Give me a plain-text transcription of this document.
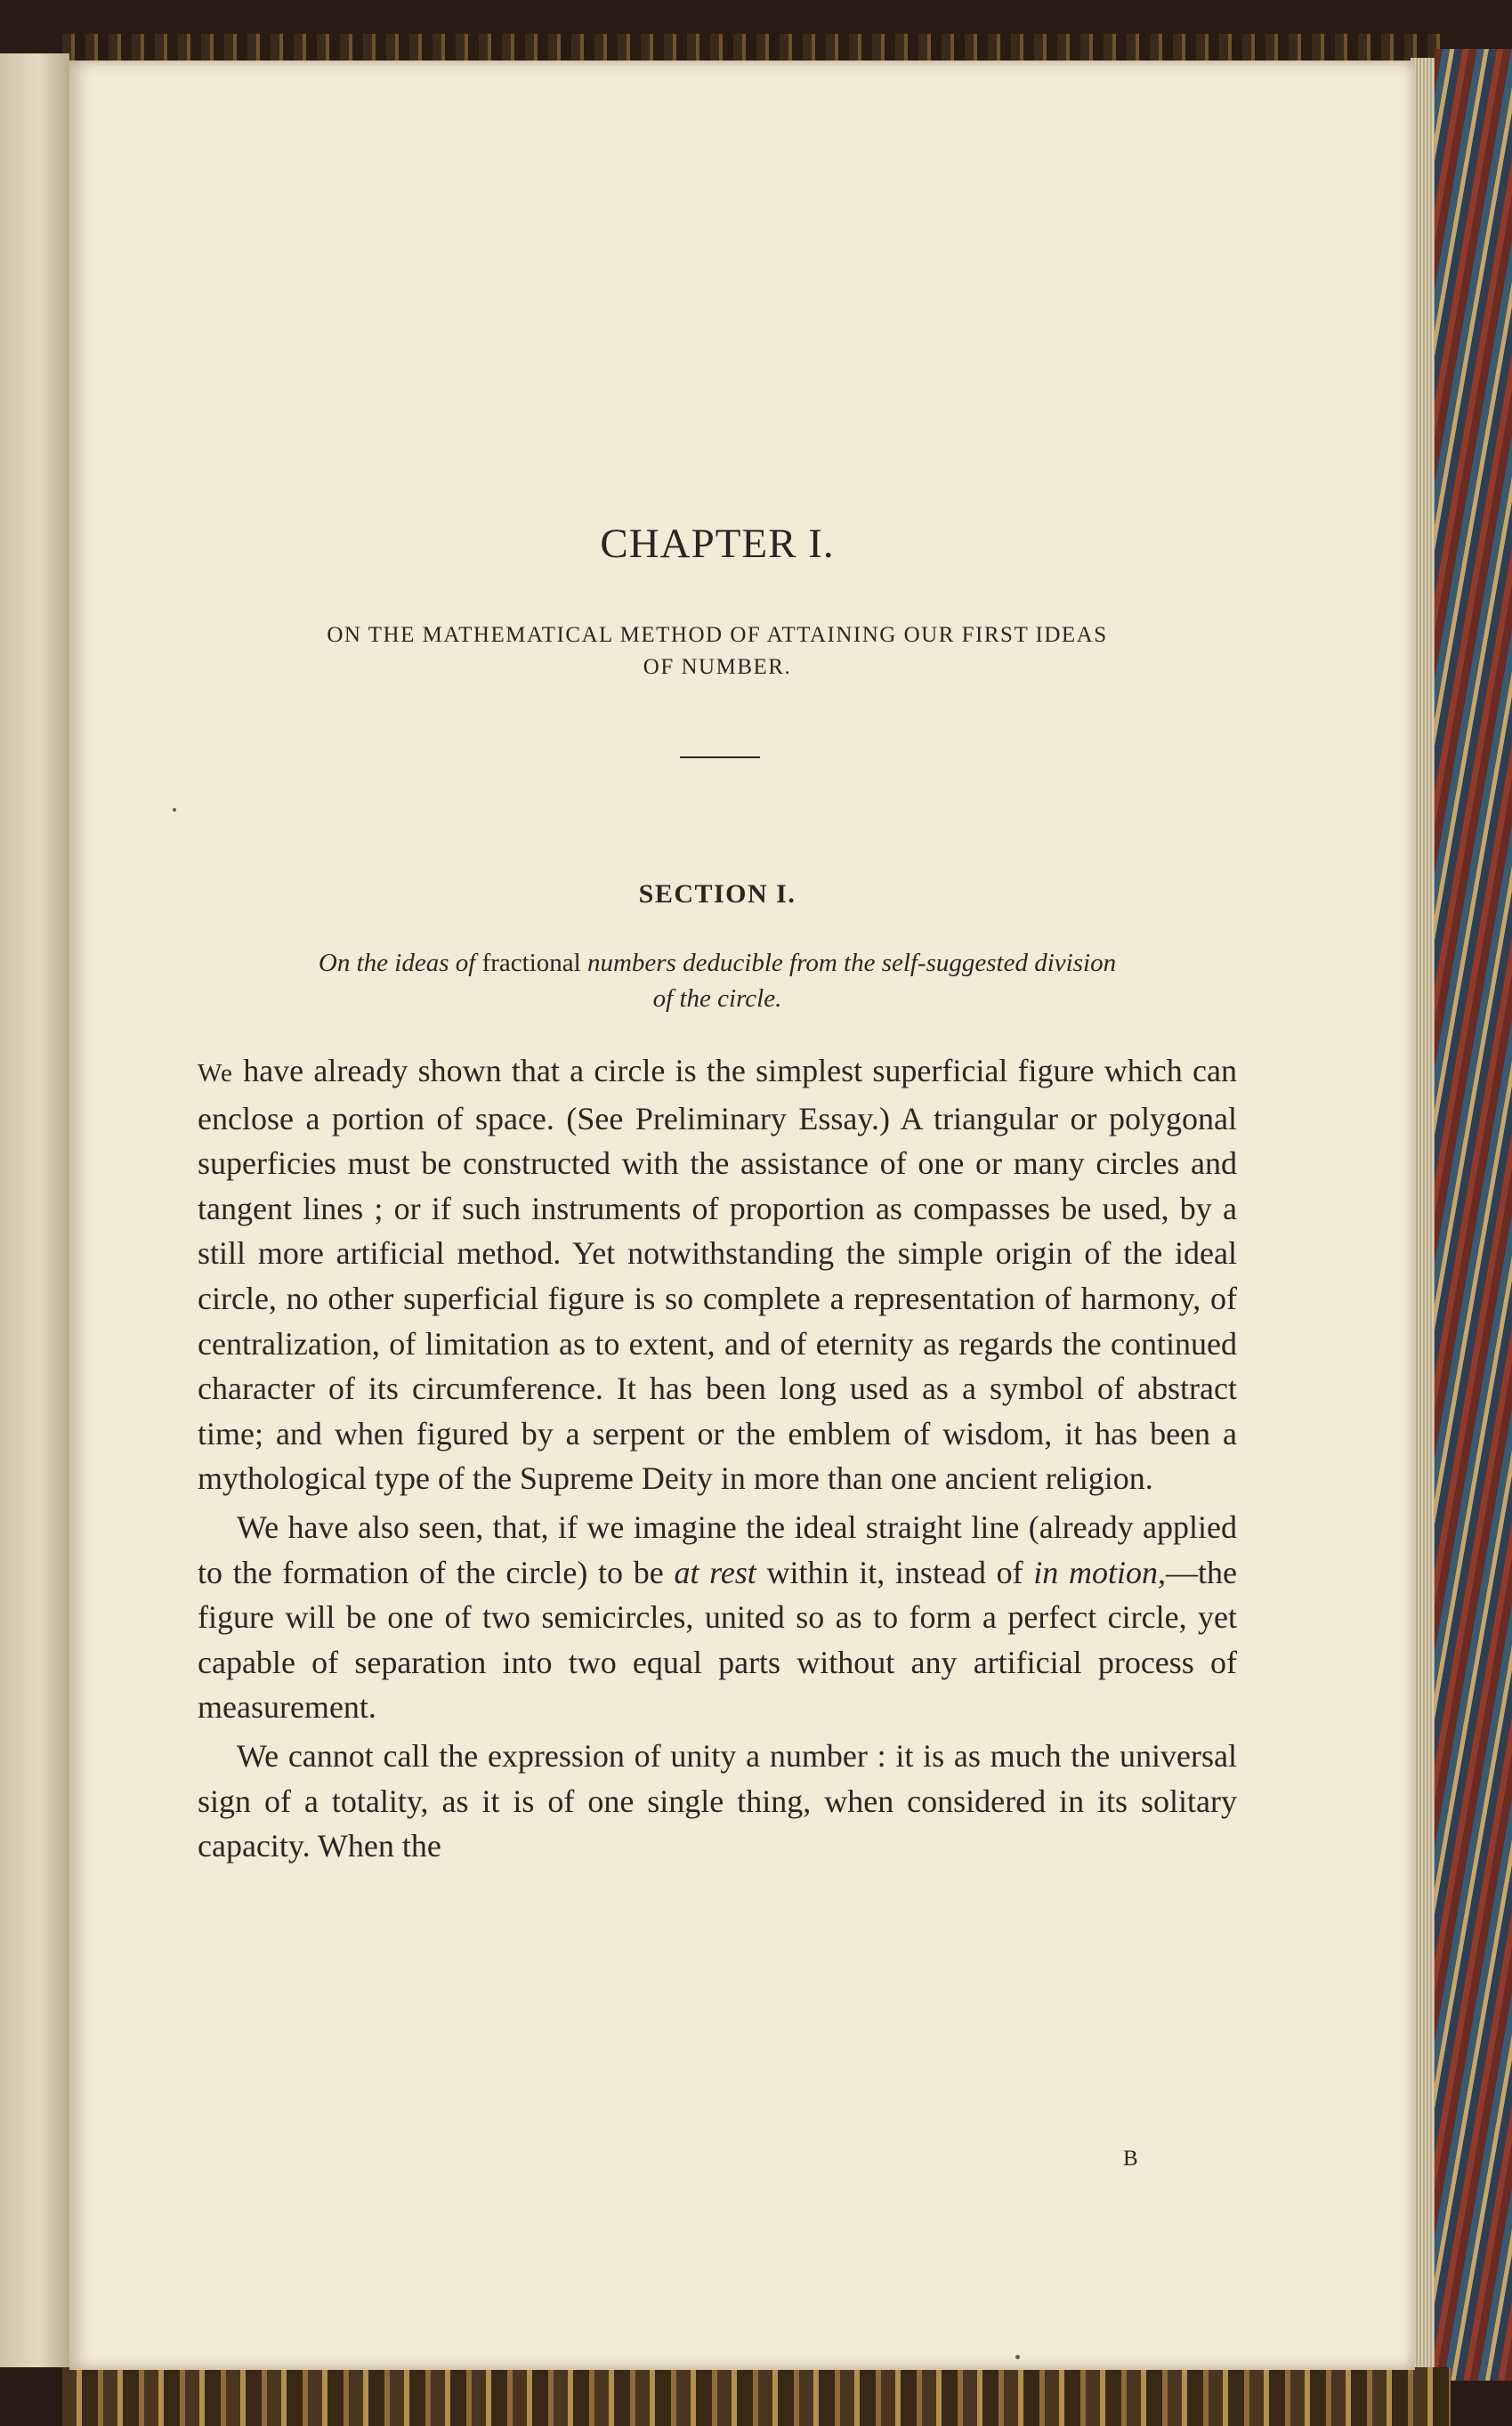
CHAPTER I.
ON THE MATHEMATICAL METHOD OF ATTAINING OUR FIRST IDEAS
OF NUMBER.
SECTION I.
On the ideas of fractional numbers deducible from the self-suggested division
of the circle.

We have already shown that a circle is the simplest superficial figure which can enclose a portion of space. (See Preliminary Essay.) A triangular or polygonal superficies must be constructed with the assistance of one or many circles and tangent lines ; or if such instruments of proportion as compasses be used, by a still more artificial method. Yet notwithstanding the simple origin of the ideal circle, no other superficial figure is so complete a representation of harmony, of centralization, of limitation as to extent, and of eternity as regards the continued character of its circumference. It has been long used as a symbol of abstract time; and when figured by a serpent or the emblem of wisdom, it has been a mythological type of the Supreme Deity in more than one ancient religion.

We have also seen, that, if we imagine the ideal straight line (already applied to the formation of the circle) to be at rest within it, instead of in motion,—the figure will be one of two semicircles, united so as to form a perfect circle, yet capable of separation into two equal parts without any artificial process of measurement.

We cannot call the expression of unity a number : it is as much the universal sign of a totality, as it is of one single thing, when considered in its solitary capacity. When the

B
